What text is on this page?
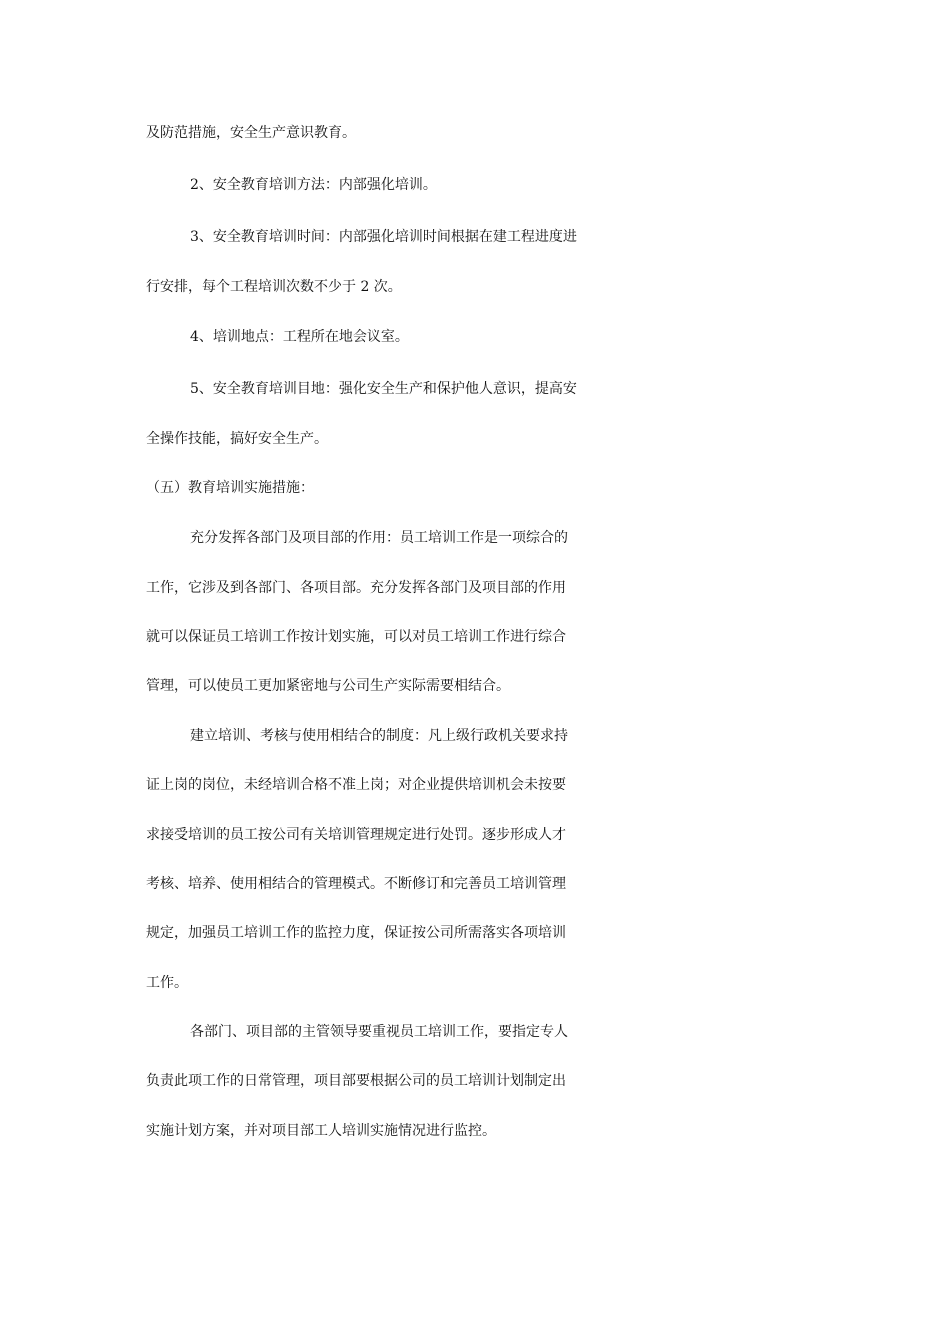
及防范措施，安全生产意识教育。
2、安全教育培训方法：内部强化培训。
3、安全教育培训时间：内部强化培训时间根据在建工程进度进
行安排，每个工程培训次数不少于 2 次。
4、培训地点：工程所在地会议室。
5、安全教育培训目地：强化安全生产和保护他人意识，提高安
全操作技能，搞好安全生产。
（五）教育培训实施措施：
充分发挥各部门及项目部的作用：员工培训工作是一项综合的
工作，它涉及到各部门、各项目部。充分发挥各部门及项目部的作用
就可以保证员工培训工作按计划实施，可以对员工培训工作进行综合
管理，可以使员工更加紧密地与公司生产实际需要相结合。
建立培训、考核与使用相结合的制度：凡上级行政机关要求持
证上岗的岗位，未经培训合格不准上岗；对企业提供培训机会未按要
求接受培训的员工按公司有关培训管理规定进行处罚。逐步形成人才
考核、培养、使用相结合的管理模式。不断修订和完善员工培训管理
规定，加强员工培训工作的监控力度，保证按公司所需落实各项培训
工作。
各部门、项目部的主管领导要重视员工培训工作，要指定专人
负责此项工作的日常管理，项目部要根据公司的员工培训计划制定出
实施计划方案，并对项目部工人培训实施情况进行监控。
